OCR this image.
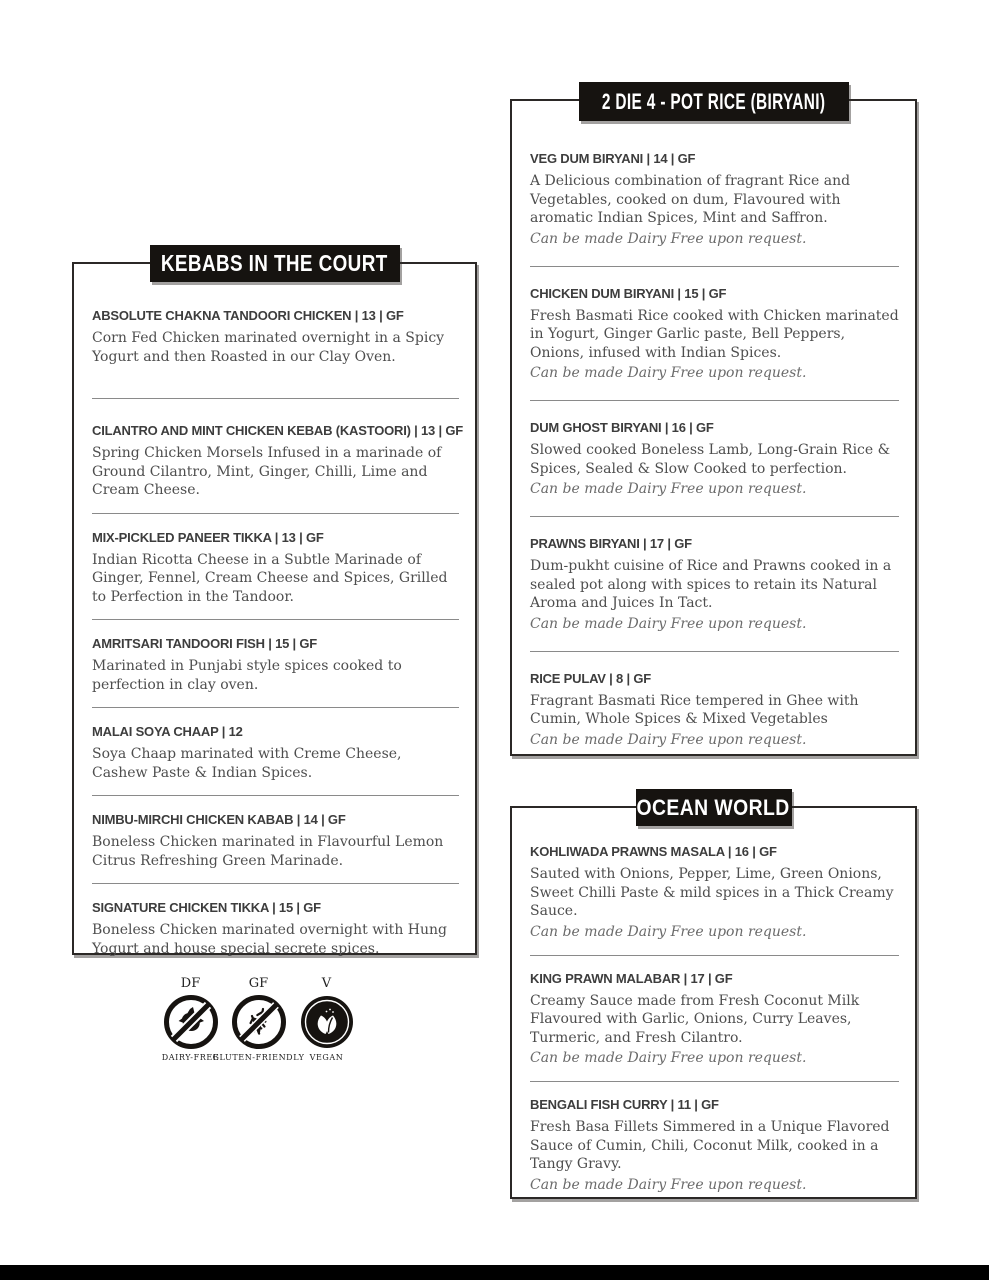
KEBABS IN THE COURT
ABSOLUTE CHAKNA TANDOORI CHICKEN | 13 | GF

Corn Fed Chicken marinated overnight in a Spicy Yogurt and then Roasted in our Clay Oven.

CILANTRO AND MINT CHICKEN KEBAB (KASTOORI) | 13 | GF

Spring Chicken Morsels Infused in a marinade of Ground Cilantro, Mint, Ginger, Chilli, Lime and Cream Cheese.

MIX-PICKLED PANEER TIKKA | 13 | GF

Indian Ricotta Cheese in a Subtle Marinade of Ginger, Fennel, Cream Cheese and Spices, Grilled to Perfection in the Tandoor.

AMRITSARI TANDOORI FISH | 15 | GF

Marinated in Punjabi style spices cooked to perfection in clay oven.

MALAI SOYA CHAAP | 12

Soya Chaap marinated with Creme Cheese, Cashew Paste & Indian Spices.

NIMBU-MIRCHI CHICKEN KABAB | 14 | GF

Boneless Chicken marinated in Flavourful Lemon Citrus Refreshing Green Marinade.

SIGNATURE CHICKEN TIKKA | 15 | GF

Boneless Chicken marinated overnight with Hung Yogurt and house special secrete spices.

2 DIE 4 - POT RICE (BIRYANI)
VEG DUM BIRYANI | 14 | GF

A Delicious combination of fragrant Rice and Vegetables, cooked on dum, Flavoured with aromatic Indian Spices, Mint and Saffron.

Can be made Dairy Free upon request.

CHICKEN DUM BIRYANI | 15 | GF

Fresh Basmati Rice cooked with Chicken marinated in Yogurt, Ginger Garlic paste, Bell Peppers, Onions, infused with Indian Spices.

Can be made Dairy Free upon request.

DUM GHOST BIRYANI | 16 | GF

Slowed cooked Boneless Lamb, Long-Grain Rice & Spices, Sealed & Slow Cooked to perfection.

Can be made Dairy Free upon request.

PRAWNS BIRYANI | 17 | GF

Dum-pukht cuisine of Rice and Prawns cooked in a sealed pot along with spices to retain its Natural Aroma and Juices In Tact.

Can be made Dairy Free upon request.

RICE PULAV | 8 | GF

Fragrant Basmati Rice tempered in Ghee with Cumin, Whole Spices & Mixed Vegetables

Can be made Dairy Free upon request.

OCEAN WORLD
KOHLIWADA PRAWNS MASALA | 16 | GF

Sauted with Onions, Pepper, Lime, Green Onions, Sweet Chilli Paste & mild spices in a Thick Creamy Sauce.

Can be made Dairy Free upon request.

KING PRAWN MALABAR | 17 | GF

Creamy Sauce made from Fresh Coconut Milk Flavoured with Garlic, Onions, Curry Leaves, Turmeric, and Fresh Cilantro.

Can be made Dairy Free upon request.

BENGALI FISH CURRY | 11 | GF

Fresh Basa Fillets Simmered in a Unique Flavored Sauce of Cumin, Chili, Coconut Milk, cooked in a Tangy Gravy.

Can be made Dairy Free upon request.

DF
DAIRY-FREE
GF
GLUTEN-FRIENDLY
V
VEGAN
